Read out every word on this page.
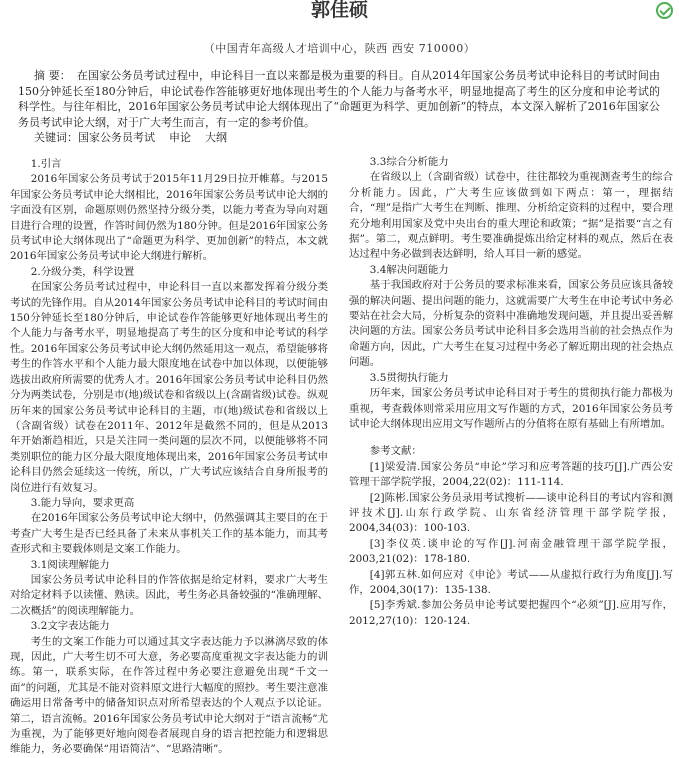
郭佳硕

（中国青年高级人才培训中心，陕西 西安 710000）

摘 要： 在国家公务员考试过程中，申论科目一直以来都是极为重要的科目。自从2014年国家公务员考试申论科目的考试时间由150分钟延长至180分钟后，申论试卷作答能够更好地体现出考生的个人能力与备考水平，明显地提高了考生的区分度和申论考试的科学性。与往年相比，2016年国家公务员考试申论大纲体现出了“命题更为科学、更加创新”的特点，本文深入解析了2016年国家公务员考试申论大纲，对于广大考生而言，有一定的参考价值。

关键词：国家公务员考试 申论 大纲

1.引言

2016年国家公务员考试于2015年11月29日拉开帷幕。与2015年国家公务员考试申论大纲相比，2016年国家公务员考试申论大纲的字面没有区别，命题原则仍然坚持分级分类，以能力考查为导向对题目进行合理的设置，作答时间仍然为180分钟。但是2016年国家公务员考试申论大纲体现出了“命题更为科学、更加创新”的特点，本文就2016年国家公务员考试申论大纲进行解析。

2.分级分类，科学设置

在国家公务员考试过程中，申论科目一直以来都发挥着分级分类考试的先锋作用。自从2014年国家公务员考试申论科目的考试时间由150分钟延长至180分钟后，申论试卷作答能够更好地体现出考生的个人能力与备考水平，明显地提高了考生的区分度和申论考试的科学性。2016年国家公务员考试申论大纲仍然延用这一观点，希望能够将考生的作答水平和个人能力最大限度地在试卷中加以体现，以便能够选拔出政府所需要的优秀人才。2016年国家公务员考试申论科目仍然分为两类试卷，分别是市(地)级试卷和省级以上(含副省级)试卷。纵观历年来的国家公务员考试申论科目的主题，市(地)级试卷和省级以上（含副省级）试卷在2011年、2012年是截然不同的，但是从2013年开始渐趋相近，只是关注同一类问题的层次不同，以便能够将不同类别职位的能力区分最大限度地体现出来，2016年国家公务员考试申论科目仍然会延续这一传统，所以，广大考试应该结合自身所报考的岗位进行有效复习。

3.能力导向，要求更高

在2016年国家公务员考试申论大纲中，仍然强调其主要目的在于考查广大考生是否已经具备了未来从事机关工作的基本能力，而其考查形式和主要载体则是文案工作能力。

3.1阅读理解能力

国家公务员考试申论科目的作答依据是给定材料，要求广大考生对给定材料予以读懂、熟读。因此，考生务必具备较强的“准确理解、二次概括”的阅读理解能力。

3.2文字表达能力

考生的文案工作能力可以通过其文字表达能力予以淋漓尽致的体现，因此，广大考生切不可大意，务必要高度重视文字表达能力的训练。第一，联系实际，在作答过程中务必要注意避免出现“千文一面”的问题，尤其是不能对资料原文进行大幅度的照抄。考生要注意准确运用日常备考中的储备知识点对所希望表达的个人观点予以论证。第二，语言流畅。2016年国家公务员考试申论大纲对于“语言流畅”尤为重视，为了能够更好地向阅卷者展现自身的语言把控能力和逻辑思维能力，务必要确保“用语简洁”、“思路清晰”。

3.3综合分析能力

在省级以上（含副省级）试卷中，往往都较为重视测查考生的综合分析能力。因此，广大考生应该做到如下两点：第一，理据结合，“理”是指广大考生在判断、推理、分析给定资料的过程中，要合理充分地利用国家及党中央出台的重大理论和政策；“据”是指要“言之有据”。第二，观点鲜明。考生要准确提炼出给定材料的观点，然后在表达过程中务必做到表达鲜明，给人耳目一新的感觉。

3.4解决问题能力

基于我国政府对于公务员的要求标准来看，国家公务员应该具备较强的解决问题、提出问题的能力，这就需要广大考生在申论考试中务必要站在社会大局，分析复杂的资料中准确地发现问题，并且提出妥善解决问题的方法。国家公务员考试申论科目多会选用当前的社会热点作为命题方向，因此，广大考生在复习过程中务必了解近期出现的社会热点问题。

3.5贯彻执行能力

历年来，国家公务员考试申论科目对于考生的贯彻执行能力都极为重视，考查载体则常采用应用文写作题的方式，2016年国家公务员考试申论大纲体现出应用文写作题所占的分值将在原有基础上有所增加。

参考文献：

[1]梁爱清.国家公务员“申论”学习和应考答题的技巧[J].广西公安管理干部学院学报，2004,22(02)：111-114.

[2]陈彬.国家公务员录用考试搜析——谈申论科目的考试内容和测评技术[J].山东行政学院、山东省经济管理干部学院学报，2004,34(03)：100-103.

[3]李仪英.谈申论的写作[J].河南金融管理干部学院学报，2003,21(02)：178-180.

[4]郭五林.如何应对《申论》考试——从虚拟行政行为角度[J].写作，2004,30(17)：135-138.

[5]李秀斌.参加公务员申论考试要把握四个“必须”[J].应用写作，2012,27(10)：120-124.
